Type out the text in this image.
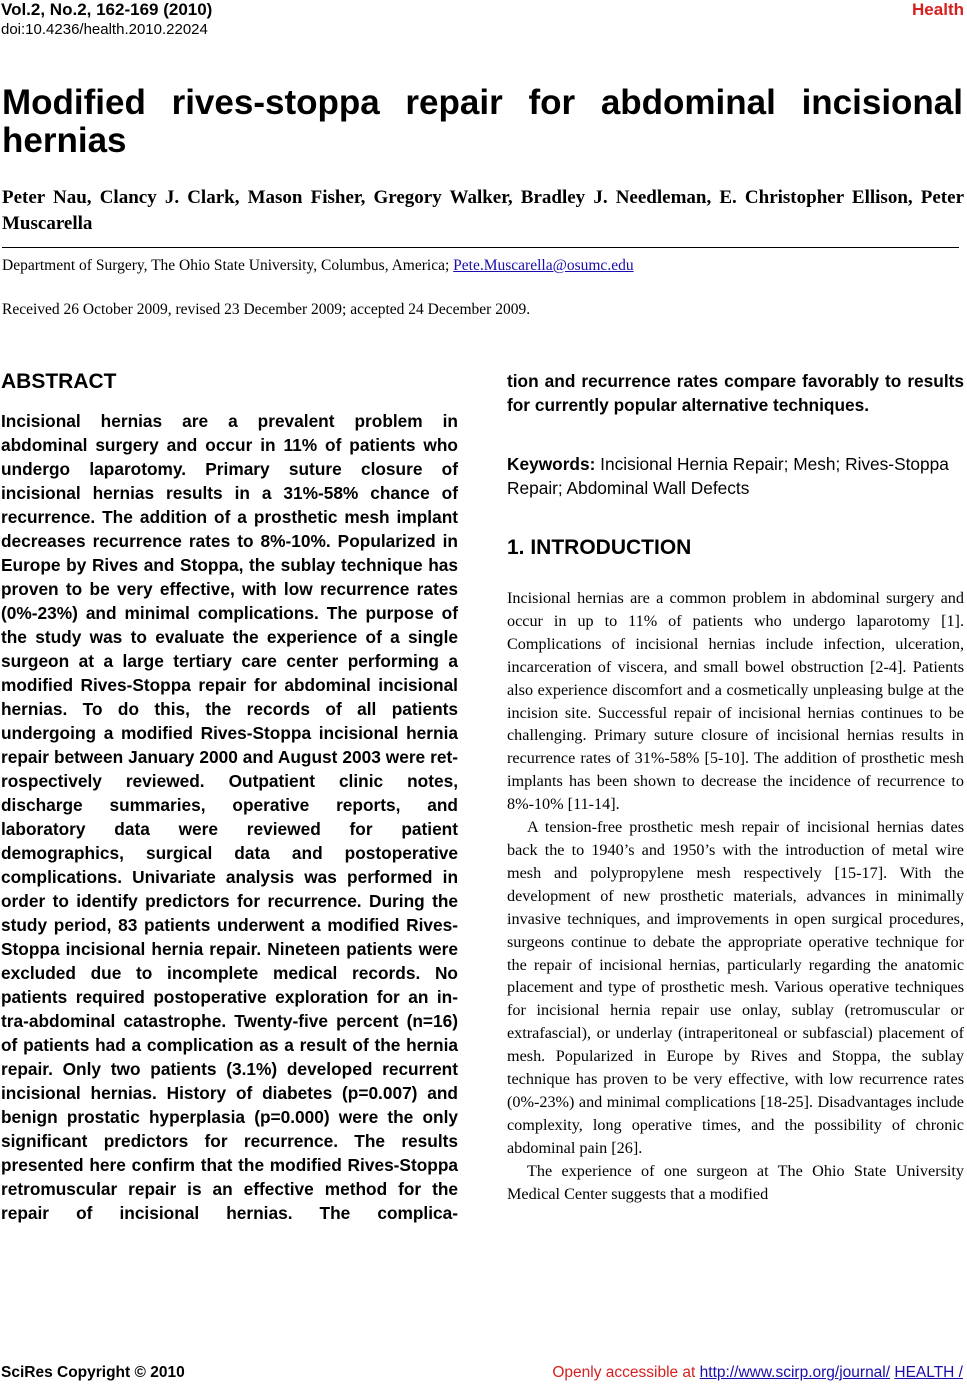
Vol.2, No.2, 162-169 (2010)
doi:10.4236/health.2010.22024
Health
Modified rives-stoppa repair for abdominal incisional hernias
Peter Nau, Clancy J. Clark, Mason Fisher, Gregory Walker, Bradley J. Needleman, E. Christopher Ellison, Peter Muscarella
Department of Surgery, The Ohio State University, Columbus, America; Pete.Muscarella@osumc.edu
Received 26 October 2009, revised 23 December 2009; accepted 24 December 2009.
ABSTRACT

Incisional hernias are a prevalent problem in abdominal surgery and occur in 11% of patients who undergo laparotomy. Primary suture closure of incisional hernias results in a 31%-58% chance of recurrence. The addition of a prosthetic mesh implant decreases recurrence rates to 8%-10%. Popularized in Europe by Rives and Stoppa, the sublay technique has proven to be very effective, with low recurrence rates (0%-23%) and minimal complications. The purpose of the study was to evaluate the experience of a single surgeon at a large tertiary care center performing a modified Rives-Stoppa repair for abdominal incisional hernias. To do this, the records of all patients undergoing a modified Rives-Stoppa incisional hernia repair between January 2000 and August 2003 were retrospectively reviewed. Outpatient clinic notes, discharge summaries, operative reports, and laboratory data were reviewed for patient demographics, surgical data and postoperative complications. Univariate analysis was performed in order to identify predictors for recurrence. During the study period, 83 patients underwent a modified Rives-Stoppa incisional hernia repair. Nineteen patients were excluded due to incomplete medical records. No patients required postoperative exploration for an intra-abdominal catastrophe. Twenty-five percent (n=16) of patients had a complication as a result of the hernia repair. Only two patients (3.1%) developed recurrent incisional hernias. History of diabetes (p=0.007) and benign prostatic hyperplasia (p=0.000) were the only significant predictors for recurrence. The results presented here confirm that the modified Rives-Stoppa retromuscular repair is an effective method for the repair of incisional hernias. The complica-

tion and recurrence rates compare favorably to results for currently popular alternative techniques.

Keywords: Incisional Hernia Repair; Mesh; Rives-Stoppa Repair; Abdominal Wall Defects
1. INTRODUCTION

Incisional hernias are a common problem in abdominal surgery and occur in up to 11% of patients who undergo laparotomy [1]. Complications of incisional hernias include infection, ulceration, incarceration of viscera, and small bowel obstruction [2-4]. Patients also experience discomfort and a cosmetically unpleasing bulge at the incision site. Successful repair of incisional hernias continues to be challenging. Primary suture closure of incisional hernias results in recurrence rates of 31%-58% [5-10]. The addition of prosthetic mesh implants has been shown to decrease the incidence of recurrence to 8%-10% [11-14].

A tension-free prosthetic mesh repair of incisional hernias dates back the to 1940’s and 1950’s with the introduction of metal wire mesh and polypropylene mesh respectively [15-17]. With the development of new prosthetic materials, advances in minimally invasive techniques, and improvements in open surgical procedures, surgeons continue to debate the appropriate operative technique for the repair of incisional hernias, particularly regarding the anatomic placement and type of prosthetic mesh. Various operative techniques for incisional hernia repair use onlay, sublay (retromuscular or extrafascial), or underlay (intraperitoneal or subfascial) placement of mesh. Popularized in Europe by Rives and Stoppa, the sublay technique has proven to be very effective, with low recurrence rates (0%-23%) and minimal complications [18-25]. Disadvantages include complexity, long operative times, and the possibility of chronic abdominal pain [26].

The experience of one surgeon at The Ohio State University Medical Center suggests that a modified

SciRes Copyright © 2010	Openly accessible at http://www.scirp.org/journal/ HEALTH /
